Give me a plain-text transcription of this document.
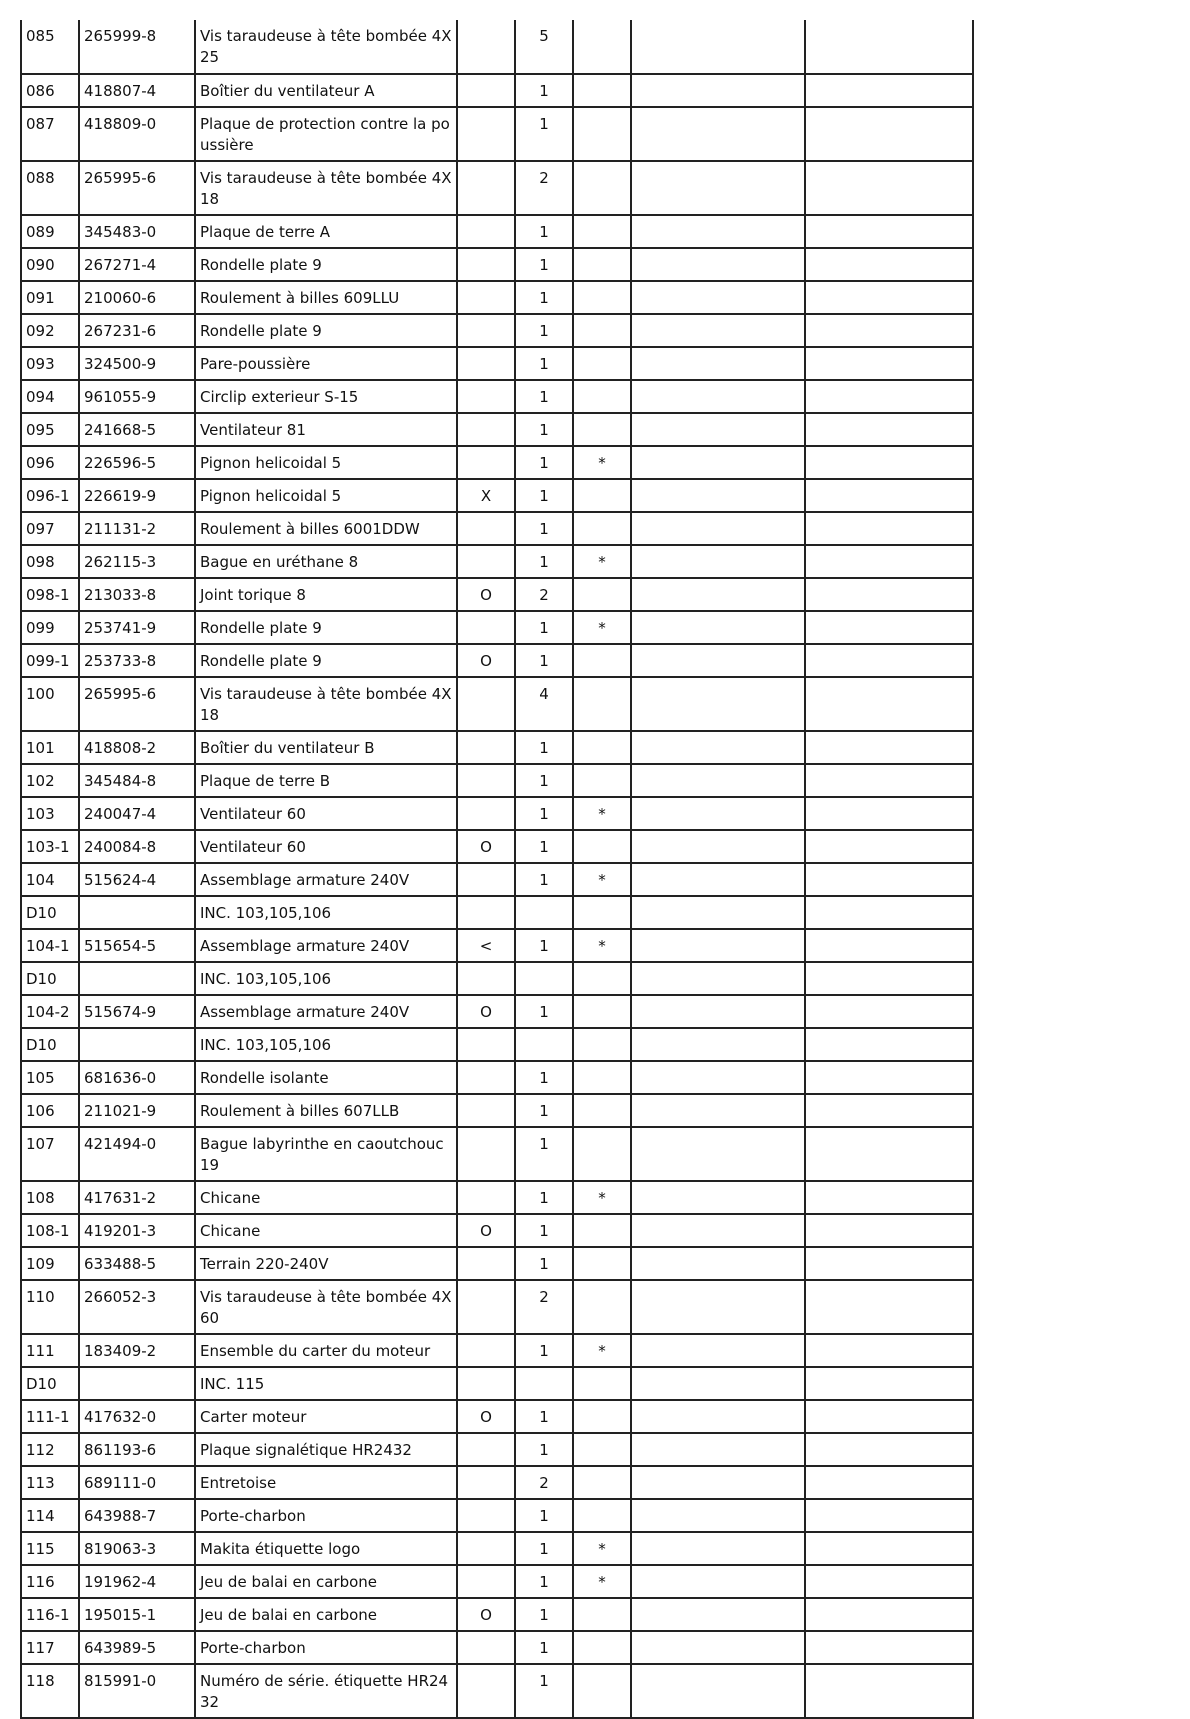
085	265999-8	Vis taraudeuse à tête bombée 4X25		5			
086	418807-4	Boîtier du ventilateur A		1			
087	418809-0	Plaque de protection contre la poussière		1			
088	265995-6	Vis taraudeuse à tête bombée 4X18		2			
089	345483-0	Plaque de terre A		1			
090	267271-4	Rondelle plate 9		1			
091	210060-6	Roulement à billes 609LLU		1			
092	267231-6	Rondelle plate 9		1			
093	324500-9	Pare-poussière		1			
094	961055-9	Circlip exterieur S-15		1			
095	241668-5	Ventilateur 81		1			
096	226596-5	Pignon helicoidal 5		1	*		
096-1	226619-9	Pignon helicoidal 5	X	1			
097	211131-2	Roulement à billes 6001DDW		1			
098	262115-3	Bague en uréthane 8		1	*		
098-1	213033-8	Joint torique 8	O	2			
099	253741-9	Rondelle plate 9		1	*		
099-1	253733-8	Rondelle plate 9	O	1			
100	265995-6	Vis taraudeuse à tête bombée 4X18		4			
101	418808-2	Boîtier du ventilateur B		1			
102	345484-8	Plaque de terre B		1			
103	240047-4	Ventilateur 60		1	*		
103-1	240084-8	Ventilateur 60	O	1			
104	515624-4	Assemblage armature 240V		1	*		
D10		INC. 103,105,106					
104-1	515654-5	Assemblage armature 240V	<	1	*		
D10		INC. 103,105,106					
104-2	515674-9	Assemblage armature 240V	O	1			
D10		INC. 103,105,106					
105	681636-0	Rondelle isolante		1			
106	211021-9	Roulement à billes 607LLB		1			
107	421494-0	Bague labyrinthe en caoutchouc 19		1			
108	417631-2	Chicane		1	*		
108-1	419201-3	Chicane	O	1			
109	633488-5	Terrain 220-240V		1			
110	266052-3	Vis taraudeuse à tête bombée 4X60		2			
111	183409-2	Ensemble du carter du moteur		1	*		
D10		INC. 115					
111-1	417632-0	Carter moteur	O	1			
112	861193-6	Plaque signalétique HR2432		1			
113	689111-0	Entretoise		2			
114	643988-7	Porte-charbon		1			
115	819063-3	Makita étiquette logo		1	*		
116	191962-4	Jeu de balai en carbone		1	*		
116-1	195015-1	Jeu de balai en carbone	O	1			
117	643989-5	Porte-charbon		1			
118	815991-0	Numéro de série. étiquette HR2432		1			
